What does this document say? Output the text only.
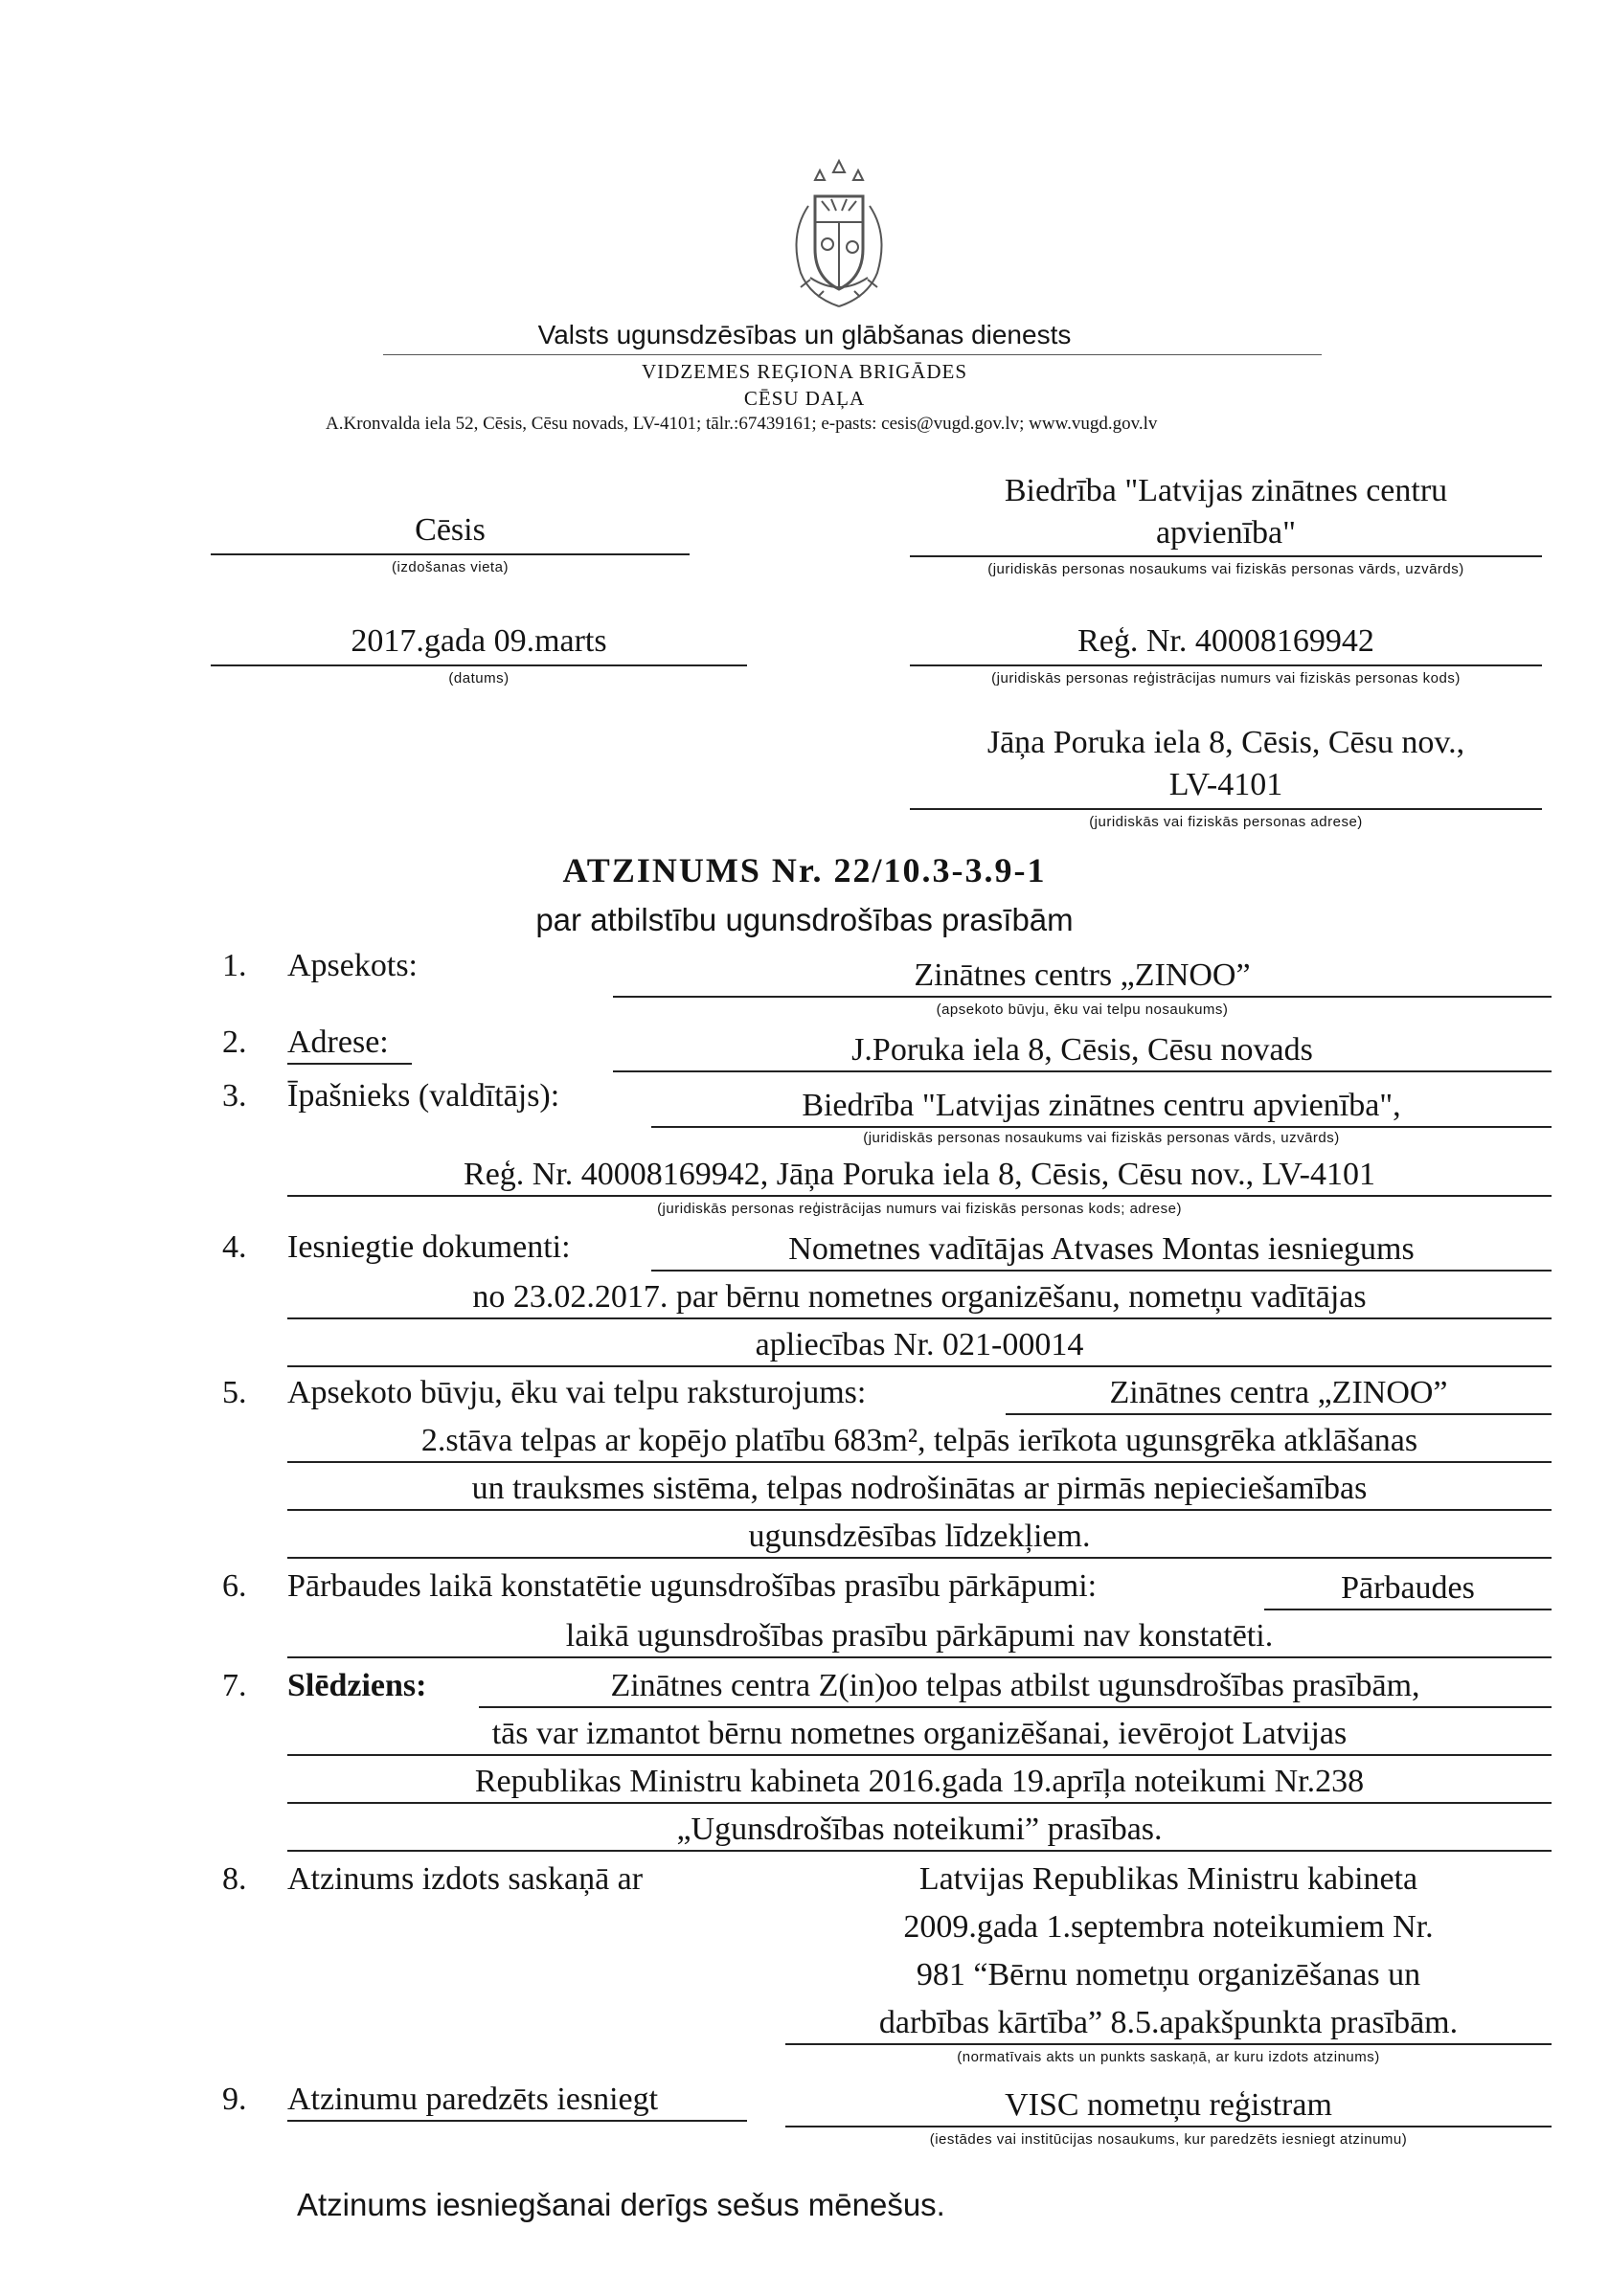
Valsts ugunsdzēsības un glābšanas dienests
VIDZEMES REĢIONA BRIGĀDES
CĒSU DAĻA
A.Kronvalda iela 52, Cēsis, Cēsu novads, LV-4101; tālr.:67439161; e-pasts: cesis@vugd.gov.lv; www.vugd.gov.lv
Cēsis
(izdošanas vieta)
2017.gada 09.marts
(datums)
Biedrība "Latvijas zinātnes centru
apvienība"
(juridiskās personas nosaukums vai fiziskās personas vārds, uzvārds)
Reģ. Nr. 40008169942
(juridiskās personas reģistrācijas numurs vai fiziskās personas kods)
Jāņa Poruka iela 8, Cēsis, Cēsu nov.,
LV-4101
(juridiskās vai fiziskās personas adrese)
ATZINUMS Nr. 22/10.3-3.9-1
par atbilstību ugunsdrošības prasībām
1. Apsekots:	Zinātnes centrs „ZINOO”
(apsekoto būvju, ēku vai telpu nosaukums)
2. Adrese:	J.Poruka iela 8, Cēsis, Cēsu novads
3. Īpašnieks (valdītājs):	Biedrība "Latvijas zinātnes centru apvienība",
(juridiskās personas nosaukums vai fiziskās personas vārds, uzvārds)
Reģ. Nr. 40008169942, Jāņa Poruka iela 8, Cēsis, Cēsu nov., LV-4101
(juridiskās personas reģistrācijas numurs vai fiziskās personas kods; adrese)
4. Iesniegtie dokumenti:	Nometnes vadītājas Atvases Montas iesniegums
no 23.02.2017. par bērnu nometnes organizēšanu, nometņu vadītājas
apliecības Nr. 021-00014
5. Apsekoto būvju, ēku vai telpu raksturojums:	Zinātnes centra „ZINOO”
2.stāva telpas ar kopējo platību 683m², telpās ierīkota ugunsgrēka atklāšanas
un trauksmes sistēma, telpas nodrošinātas ar pirmās nepieciešamības
ugunsdzēsības līdzekļiem.
6. Pārbaudes laikā konstatētie ugunsdrošības prasību pārkāpumi:	Pārbaudes
laikā ugunsdrošības prasību pārkāpumi nav konstatēti.
7. Slēdziens:	Zinātnes centra Z(in)oo telpas atbilst ugunsdrošības prasībām,
tās var izmantot bērnu nometnes organizēšanai, ievērojot Latvijas
Republikas Ministru kabineta 2016.gada 19.aprīļa noteikumi Nr.238
„Ugunsdrošības noteikumi” prasības.
8. Atzinums izdots saskaņā ar	Latvijas Republikas Ministru kabineta
2009.gada 1.septembra noteikumiem Nr.
981 “Bērnu nometņu organizēšanas un
darbības kārtība” 8.5.apakšpunkta prasībām.
(normatīvais akts un punkts saskaņā, ar kuru izdots atzinums)
9. Atzinumu paredzēts iesniegt	VISC nometņu reģistram
(iestādes vai institūcijas nosaukums, kur paredzēts iesniegt atzinumu)
Atzinums iesniegšanai derīgs sešus mēnešus.
